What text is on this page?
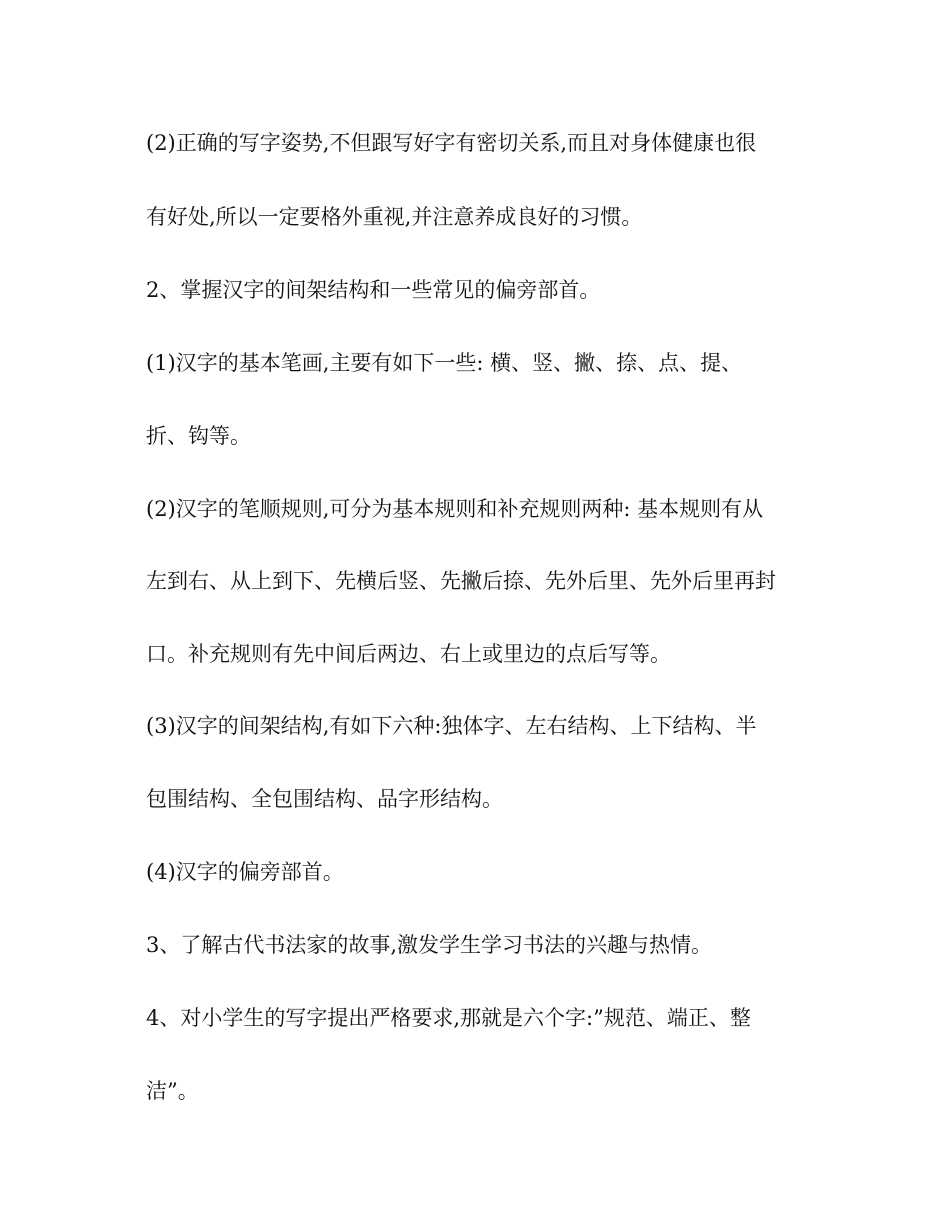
(2)正确的写字姿势,不但跟写好字有密切关系,而且对身体健康也很

有好处,所以一定要格外重视,并注意养成良好的习惯。

2、掌握汉字的间架结构和一些常见的偏旁部首。

(1)汉字的基本笔画,主要有如下一些: 横、竖、撇、捺、点、提、

折、钩等。

(2)汉字的笔顺规则,可分为基本规则和补充规则两种: 基本规则有从

左到右、从上到下、先横后竖、先撇后捺、先外后里、先外后里再封

口。补充规则有先中间后两边、右上或里边的点后写等。

(3)汉字的间架结构,有如下六种:独体字、左右结构、上下结构、半

包围结构、全包围结构、品字形结构。

(4)汉字的偏旁部首。

3、了解古代书法家的故事,激发学生学习书法的兴趣与热情。

4、对小学生的写字提出严格要求,那就是六个字:”规范、端正、整

洁”。
